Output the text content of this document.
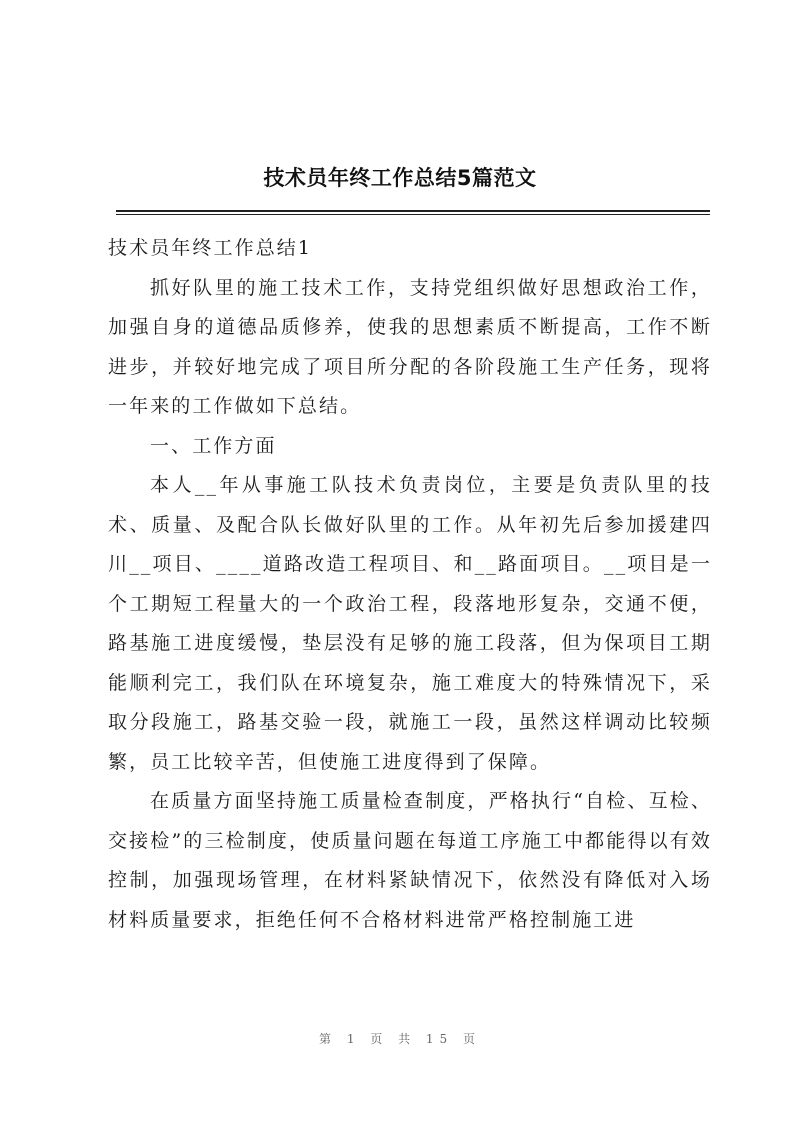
技术员年终工作总结5篇范文

技术员年终工作总结1

抓好队里的施工技术工作，支持党组织做好思想政治工作，加强自身的道德品质修养，使我的思想素质不断提高，工作不断进步，并较好地完成了项目所分配的各阶段施工生产任务，现将一年来的工作做如下总结。

一、工作方面

本人__年从事施工队技术负责岗位，主要是负责队里的技术、质量、及配合队长做好队里的工作。从年初先后参加援建四川__项目、____道路改造工程项目、和__路面项目。__项目是一个工期短工程量大的一个政治工程，段落地形复杂，交通不便，路基施工进度缓慢，垫层没有足够的施工段落，但为保项目工期能顺利完工，我们队在环境复杂，施工难度大的特殊情况下，采取分段施工，路基交验一段，就施工一段，虽然这样调动比较频繁，员工比较辛苦，但使施工进度得到了保障。

在质量方面坚持施工质量检查制度，严格执行“自检、互检、交接检”的三检制度，使质量问题在每道工序施工中都能得以有效控制，加强现场管理，在材料紧缺情况下，依然没有降低对入场材料质量要求，拒绝任何不合格材料进常严格控制施工进

第 1 页 共 15 页
